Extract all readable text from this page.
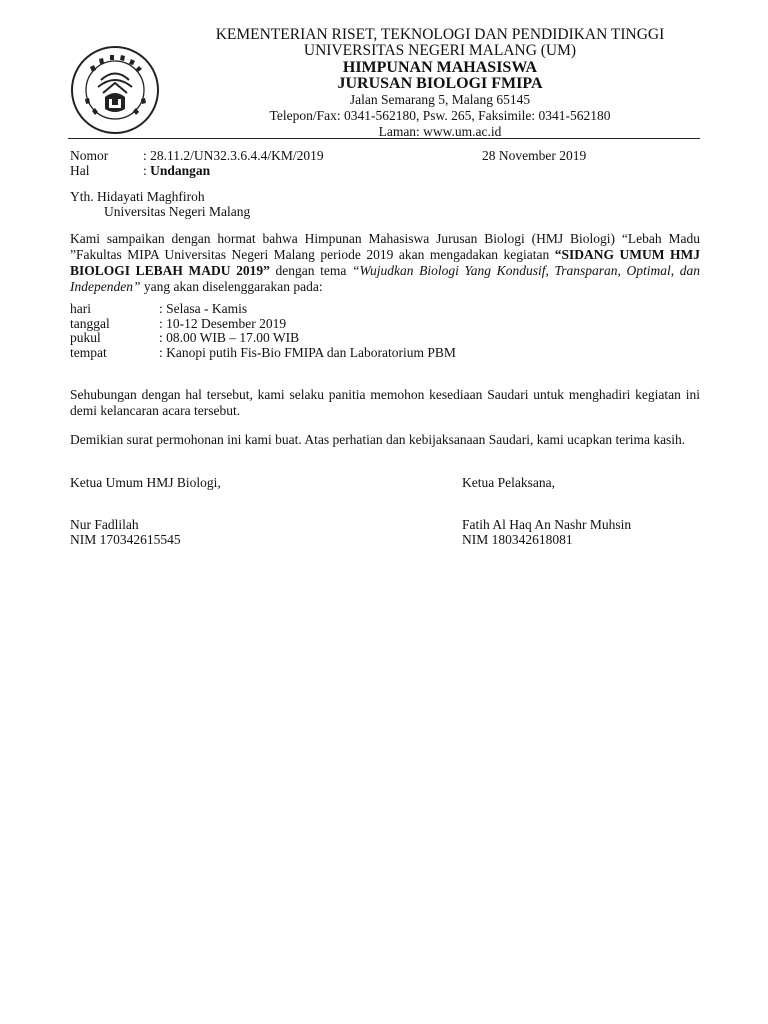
KEMENTERIAN RISET, TEKNOLOGI DAN PENDIDIKAN TINGGI
UNIVERSITAS NEGERI MALANG (UM)
HIMPUNAN MAHASISWA
JURUSAN BIOLOGI FMIPA
Jalan Semarang 5, Malang 65145
Telepon/Fax: 0341-562180, Psw. 265, Faksimile: 0341-562180
Laman: www.um.ac.id
Nomor	: 28.11.2/UN32.3.6.4.4/KM/2019	28 November 2019
Hal	: Undangan
Yth. Hidayati Maghfiroh
Universitas Negeri Malang
Kami sampaikan dengan hormat bahwa Himpunan Mahasiswa Jurusan Biologi (HMJ Biologi) “Lebah Madu ”Fakultas MIPA Universitas Negeri Malang periode 2019 akan mengadakan kegiatan “SIDANG UMUM HMJ BIOLOGI LEBAH MADU 2019” dengan tema “Wujudkan Biologi Yang Kondusif, Transparan, Optimal, dan Independen” yang akan diselenggarakan pada:
hari	: Selasa - Kamis
tanggal	: 10-12 Desember 2019
pukul	: 08.00 WIB – 17.00 WIB
tempat	: Kanopi putih Fis-Bio FMIPA dan Laboratorium PBM
Sehubungan dengan hal tersebut, kami selaku panitia memohon kesediaan Saudari untuk menghadiri kegiatan ini demi kelancaran acara tersebut.
Demikian surat permohonan ini kami buat. Atas perhatian dan kebijaksanaan Saudari, kami ucapkan terima kasih.
Ketua Umum HMJ Biologi,	Ketua Pelaksana,
Nur Fadlilah	Fatih Al Haq An Nashr Muhsin
NIM 170342615545	NIM 180342618081
